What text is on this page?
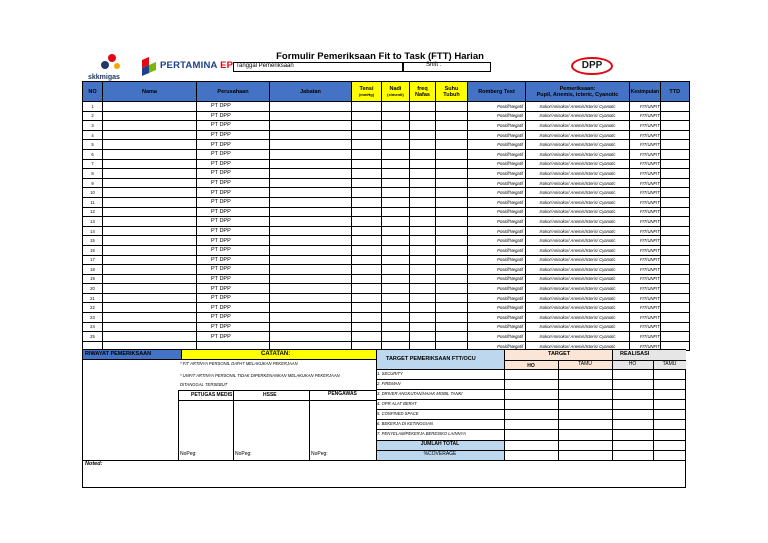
skkmigas
PERTAMINA EP	DPP
Formulir Pemeriksaan Fit to Task (FTT) Harian
Tanggal Pemeriksaan	Shift :
NO	Nama	Perusahaan	Jabatan	Tensi
(mmHg)	Nadi
(x/menit)	freq
Nafas	Suhu
Tubuh	Romberg Test	Pemeriksaan:
Pupil, Anemis, icteric, Cyanotic	Kesimpulan	TTD
1		PT DPP						Positif/Negatif	Isokor/Anisokor/ Anemis/Icteris/ Cyanotic	FIT/UNFIT	
2		PT DPP						Positif/Negatif	Isokor/Anisokor/ Anemis/Icteris/ Cyanotic	FIT/UNFIT	
3		PT DPP						Positif/Negatif	Isokor/Anisokor/ Anemis/Icteris/ Cyanotic	FIT/UNFIT	
4		PT DPP						Positif/Negatif	Isokor/Anisokor/ Anemis/Icteris/ Cyanotic	FIT/UNFIT	
5		PT DPP						Positif/Negatif	Isokor/Anisokor/ Anemis/Icteris/ Cyanotic	FIT/UNFIT	
6		PT DPP						Positif/Negatif	Isokor/Anisokor/ Anemis/Icteris/ Cyanotic	FIT/UNFIT	
7		PT DPP						Positif/Negatif	Isokor/Anisokor/ Anemis/Icteris/ Cyanotic	FIT/UNFIT	
8		PT DPP						Positif/Negatif	Isokor/Anisokor/ Anemis/Icteris/ Cyanotic	FIT/UNFIT	
9		PT DPP						Positif/Negatif	Isokor/Anisokor/ Anemis/Icteris/ Cyanotic	FIT/UNFIT	
10		PT DPP						Positif/Negatif	Isokor/Anisokor/ Anemis/Icteris/ Cyanotic	FIT/UNFIT	
11		PT DPP						Positif/Negatif	Isokor/Anisokor/ Anemis/Icteris/ Cyanotic	FIT/UNFIT	
12		PT DPP						Positif/Negatif	Isokor/Anisokor/ Anemis/Icteris/ Cyanotic	FIT/UNFIT	
13		PT DPP						Positif/Negatif	Isokor/Anisokor/ Anemis/Icteris/ Cyanotic	FIT/UNFIT	
14		PT DPP						Positif/Negatif	Isokor/Anisokor/ Anemis/Icteris/ Cyanotic	FIT/UNFIT	
15		PT DPP						Positif/Negatif	Isokor/Anisokor/ Anemis/Icteris/ Cyanotic	FIT/UNFIT	
16		PT DPP						Positif/Negatif	Isokor/Anisokor/ Anemis/Icteris/ Cyanotic	FIT/UNFIT	
17		PT DPP						Positif/Negatif	Isokor/Anisokor/ Anemis/Icteris/ Cyanotic	FIT/UNFIT	
18		PT DPP						Positif/Negatif	Isokor/Anisokor/ Anemis/Icteris/ Cyanotic	FIT/UNFIT	
19		PT DPP						Positif/Negatif	Isokor/Anisokor/ Anemis/Icteris/ Cyanotic	FIT/UNFIT	
20		PT DPP						Positif/Negatif	Isokor/Anisokor/ Anemis/Icteris/ Cyanotic	FIT/UNFIT	
21		PT DPP						Positif/Negatif	Isokor/Anisokor/ Anemis/Icteris/ Cyanotic	FIT/UNFIT	
22		PT DPP						Positif/Negatif	Isokor/Anisokor/ Anemis/Icteris/ Cyanotic	FIT/UNFIT	
23		PT DPP						Positif/Negatif	Isokor/Anisokor/ Anemis/Icteris/ Cyanotic	FIT/UNFIT	
24		PT DPP						Positif/Negatif	Isokor/Anisokor/ Anemis/Icteris/ Cyanotic	FIT/UNFIT	
25		PT DPP						Positif/Negatif	Isokor/Anisokor/ Anemis/Icteris/ Cyanotic	FIT/UNFIT	
								Positif/Negatif	Isokor/Anisokor/ Anemis/Icteris/ Cyanotic	FIT/UNFIT	
RIWAYAT PEMERIKSAAN	CATATAN:
* FIT ARTINYA PERSONIL DAPAT MELAKUKAN PEKERJAAN
* UNFIT ARTINYA PERSONIL TIDAK DIPERKENANKAN MELAKUKAN PEKERJAAN
DITANGGAL TERSEBUT
PETUGAS MEDIS	HSSE	PENGAWAS
NoPeg:	NoPeg:	NoPeg:
TARGET PEMERIKSAAN FTT/OCU
TARGET	REALISASI
HO	TAMU	HO	TAMU
1. SECURITY
2. FIREMAN
3. DRIVER ANGKUTAN/HAIAK MOBIL TANKI
4. OPR ALAT BERAT
5. CONFINED SPACE
6. BEKERJA DI KETINGGIAN
7. PENYELAM/PEKERJA BERESIKO LAINNYA
JUMLAH TOTAL
%COVERAGE
Noted:
